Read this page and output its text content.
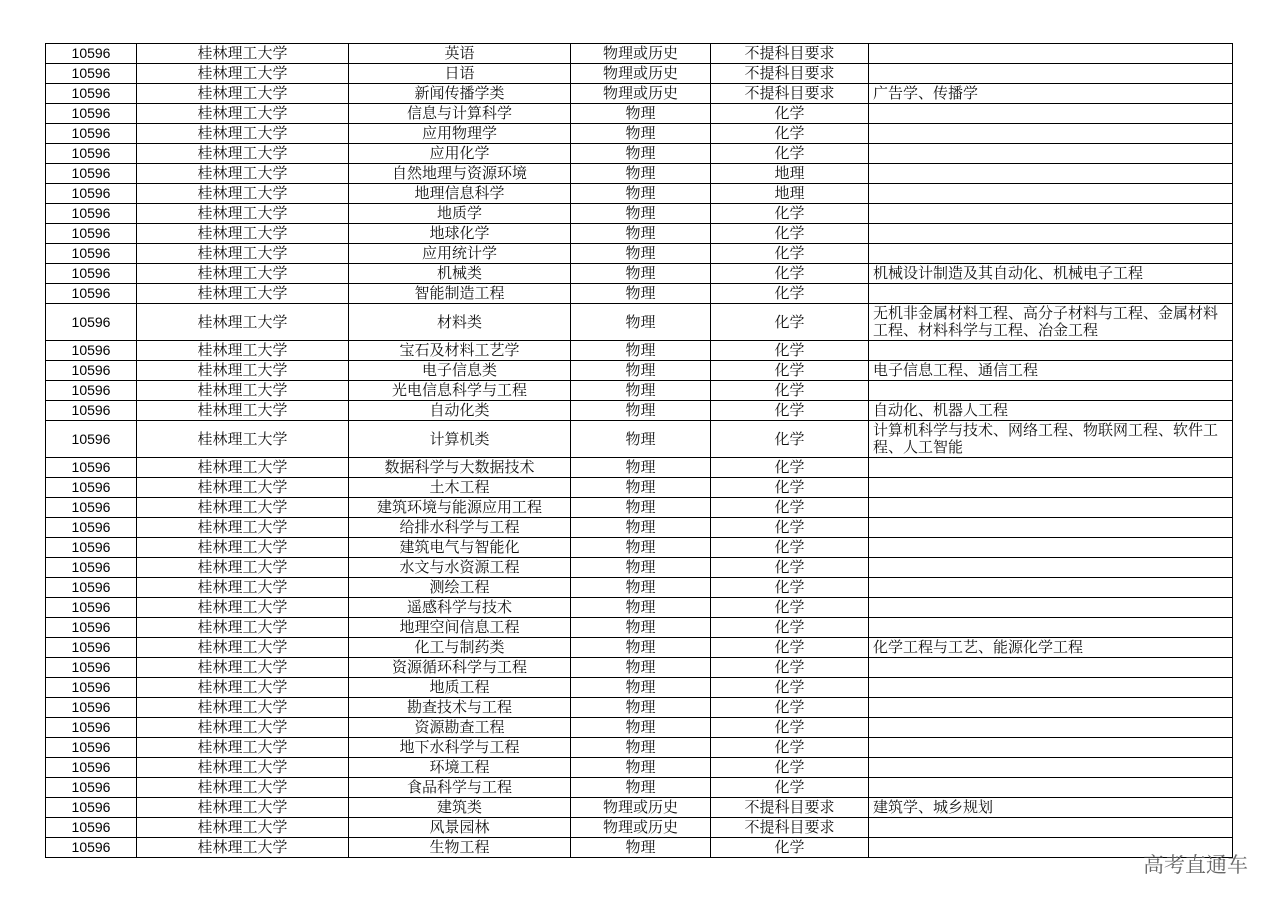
10596	桂林理工大学	英语	物理或历史	不提科目要求	
10596	桂林理工大学	日语	物理或历史	不提科目要求	
10596	桂林理工大学	新闻传播学类	物理或历史	不提科目要求	广告学、传播学
10596	桂林理工大学	信息与计算科学	物理	化学	
10596	桂林理工大学	应用物理学	物理	化学	
10596	桂林理工大学	应用化学	物理	化学	
10596	桂林理工大学	自然地理与资源环境	物理	地理	
10596	桂林理工大学	地理信息科学	物理	地理	
10596	桂林理工大学	地质学	物理	化学	
10596	桂林理工大学	地球化学	物理	化学	
10596	桂林理工大学	应用统计学	物理	化学	
10596	桂林理工大学	机械类	物理	化学	机械设计制造及其自动化、机械电子工程
10596	桂林理工大学	智能制造工程	物理	化学	
10596	桂林理工大学	材料类	物理	化学	无机非金属材料工程、高分子材料与工程、金属材料工程、材料科学与工程、冶金工程
10596	桂林理工大学	宝石及材料工艺学	物理	化学	
10596	桂林理工大学	电子信息类	物理	化学	电子信息工程、通信工程
10596	桂林理工大学	光电信息科学与工程	物理	化学	
10596	桂林理工大学	自动化类	物理	化学	自动化、机器人工程
10596	桂林理工大学	计算机类	物理	化学	计算机科学与技术、网络工程、物联网工程、软件工程、人工智能
10596	桂林理工大学	数据科学与大数据技术	物理	化学	
10596	桂林理工大学	土木工程	物理	化学	
10596	桂林理工大学	建筑环境与能源应用工程	物理	化学	
10596	桂林理工大学	给排水科学与工程	物理	化学	
10596	桂林理工大学	建筑电气与智能化	物理	化学	
10596	桂林理工大学	水文与水资源工程	物理	化学	
10596	桂林理工大学	测绘工程	物理	化学	
10596	桂林理工大学	遥感科学与技术	物理	化学	
10596	桂林理工大学	地理空间信息工程	物理	化学	
10596	桂林理工大学	化工与制药类	物理	化学	化学工程与工艺、能源化学工程
10596	桂林理工大学	资源循环科学与工程	物理	化学	
10596	桂林理工大学	地质工程	物理	化学	
10596	桂林理工大学	勘查技术与工程	物理	化学	
10596	桂林理工大学	资源勘查工程	物理	化学	
10596	桂林理工大学	地下水科学与工程	物理	化学	
10596	桂林理工大学	环境工程	物理	化学	
10596	桂林理工大学	食品科学与工程	物理	化学	
10596	桂林理工大学	建筑类	物理或历史	不提科目要求	建筑学、城乡规划
10596	桂林理工大学	风景园林	物理或历史	不提科目要求	
10596	桂林理工大学	生物工程	物理	化学	
高考直通车
